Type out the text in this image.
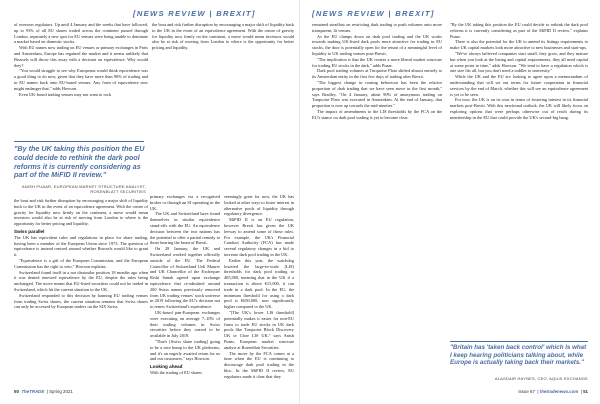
[NEWS REVIEW | BREXIT]

of overseas regulators. Up until 4 January and the weeks that have followed, up to 93% of all EU shares traded across the continent passed through London, separately a new spot for EU venues were being unable to dominate a market based on domestic stocks.

With EU names now trading on EU venues or primary exchanges in Paris and Amsterdam, Europe has regained the market and it seems unlikely that Brussels will throw this away with a decision on equivalence. Why would they?

"You would struggle to see why Europeans would think equivalence was a good thing to do now, given that they have more than 90% of trading and in EU names back onto EU-based venues. Any form of equivalence now might endanger that," adds Howson.

Even UK-based trading venues may not want to rock

"By the UK taking this position the EU could decide to rethink the dark pool reforms it is currently considering as part of the MiFID II review."
ANISH PUAAR, EUROPEAN MARKET STRUCTURE ANALYST, ROSENBLATT SECURITIES

the bout and risk further disruption by encouraging a major shift of liquidity back to the UK in the event of an equivalence agreement. With the centre of gravity for liquidity now firmly on the continent, a move would mean investors would also be at risk of moving from London to where is the opportunity for better pricing and liquidity.

Swiss parallel

The UK has equivalent rules and regulations in place for share trading, having been a member of the European Union since 1973. The question of equivalence is instead centred around whether Brussels would like to grant it.

"Equivalence is a gift of the European Commission, and the European Commission has the right to veto," Howson explains.

Switzerland found itself in a not dissimilar position 18 months ago when it was denied renewed equivalence by the EU, despite the rules being unchanged. The move meant that EU-listed securities could not be traded in Switzerland, which hit the current situation in the UK.

Switzerland responded to this decision by banning EU trading venues from trading Swiss shares, the current situation remains that Swiss shares can only be accessed by European traders on the SIX Swiss

primary exchanges via a recognised broker or through an SI operating in the UK.

The UK and Switzerland have found themselves in similar equivalence stand-offs with the EU. An equivalence decision between the two nations has the potential to offer a partial remedy to those bearing the brunt of Brexit.

On 28 January, the UK and Switzerland worked together officially outside of the EU. The Federal Councillor of Switzerland Ueli Maurer and UK Chancellor of the Exchequer Rishi Sunak agreed upon exchange equivalence that re-admitted around 200 Swiss names previously removed from UK trading venues' stock universe in 2019 following the EU's decision not to renew Switzerland's equivalence.

UK-based pan-European exchanges were executing an average 7–10% of their trading volumes in Swiss securities before they ceased to be available in July 2019.

"That's [Swiss share trading] going to be a nice bump to the UK platforms, and it's an eagerly awaited return for us and our customers," says Howson.

Looking ahead

With the trading of EU shares

seemingly gone for now, the UK has looked at other ways to foster interest in alternative pools of liquidity through regulatory divergence.

MiFID II is an EU regulation, however Brexit has given the UK leeway to amend some of those rules. For example, the UK's Financial Conduct Authority (FCA) has made several regulatory changes in a bid to increase dark pool trading in the UK.

Earlier this year, the watchdog lowered the large-in-scale (LIS) thresholds for dark pool trading to 405,000, meaning that in the UK if a transaction is above €15,000, it can trade in a dark pool. In the EU, the minimum threshold for using a dark pool is €650,000, now significantly higher compared to the UK.

"[The UK's lower LIS threshold] potentially makes it easier for non-EU firms to trade EU stocks in UK dark pools like Turquoise Block Discovery UK or Cboe LIS UK," says Anish Puaar, European market structure analyst at Rosenblatt Securities.

The move by the FCA comes at a time when the EU is continuing to discourage dark pool trading in the bloc. In the MiFID II review, EU regulators made it clear that they

the boat and risk further disruption by encouraging a major shift of liquidity back to the UK in the event of an equivalence agreement. With the centre of gravity for liquidity now firmly on the continent, a move would mean investors would also be at risk of moving from London to where is the opportunity for better pricing and liquidity.

50 TheTRADE  | Spring 2021
[NEWS REVIEW | BREXIT]

remained steadfast on restricting dark trading to push volumes onto more transparent, lit venues.

As the EU clamps down on dark pool trading and the UK works towards making UK-listed dark pools more attractive for trading in EU stocks, the door is potentially open for the return of a meaningful level of liquidity to UK trading venues post-Brexit.

"The implication is that the UK creates a more liberal market structure for trading EU stocks in the dark," adds Puaar.

Dark pool trading volumes at Turquoise Plato shifted almost entirely to its Amsterdam entity in the first few days of trading after Brexit.

"The biggest change in routing behaviour has been the relative proportion of dark trading that we have seen move in the first month," says Bradley. "On 4 January, about 90% of anonymous trading on Turquoise Plato was executed in Amsterdam. At the end of January, that proportion is now up towards the mid-nineties."

The impact of amendments to the LIS thresholds by the FCA on the EU's stance on dark pool trading is yet to become clear.

"By the UK taking this position the EU could decide to rethink the dark pool reforms it is currently considering as part of the MiFID II review," explains Puaar.

There is also the potential for the UK to amend its listings requirements to make UK capital markets look more attractive to new businesses and start-ups.

"We've always believed companies start small, they grow, and they mature but when you look at the listing and capital requirements, they all need capital at some point in time," adds Howson. "We tend to have a regulation which is one size fits all, but you don't need a toddler to university."

While the UK and the EU are looking to agree upon a memorandum of understanding that will set out terms for future cooperation in financial services by the end of March, whether this will see an equivalence agreement is yet to be seen.

For now, the UK is on its own in terms of fostering interest in its financial markets post-Brexit. With this newfound outlook, the UK will likely focus on exploring options that were perhaps otherwise out of reach during its membership in the EU that could provide the UK's second-big bang.

"Britain has 'taken back control' which is what I keep hearing politicians talking about, while Europe is actually taking back their markets."
ALASDAIR HAYNES, CEO, AQUIS EXCHANGE
Issue 67  | thetradenews.com  | 51
